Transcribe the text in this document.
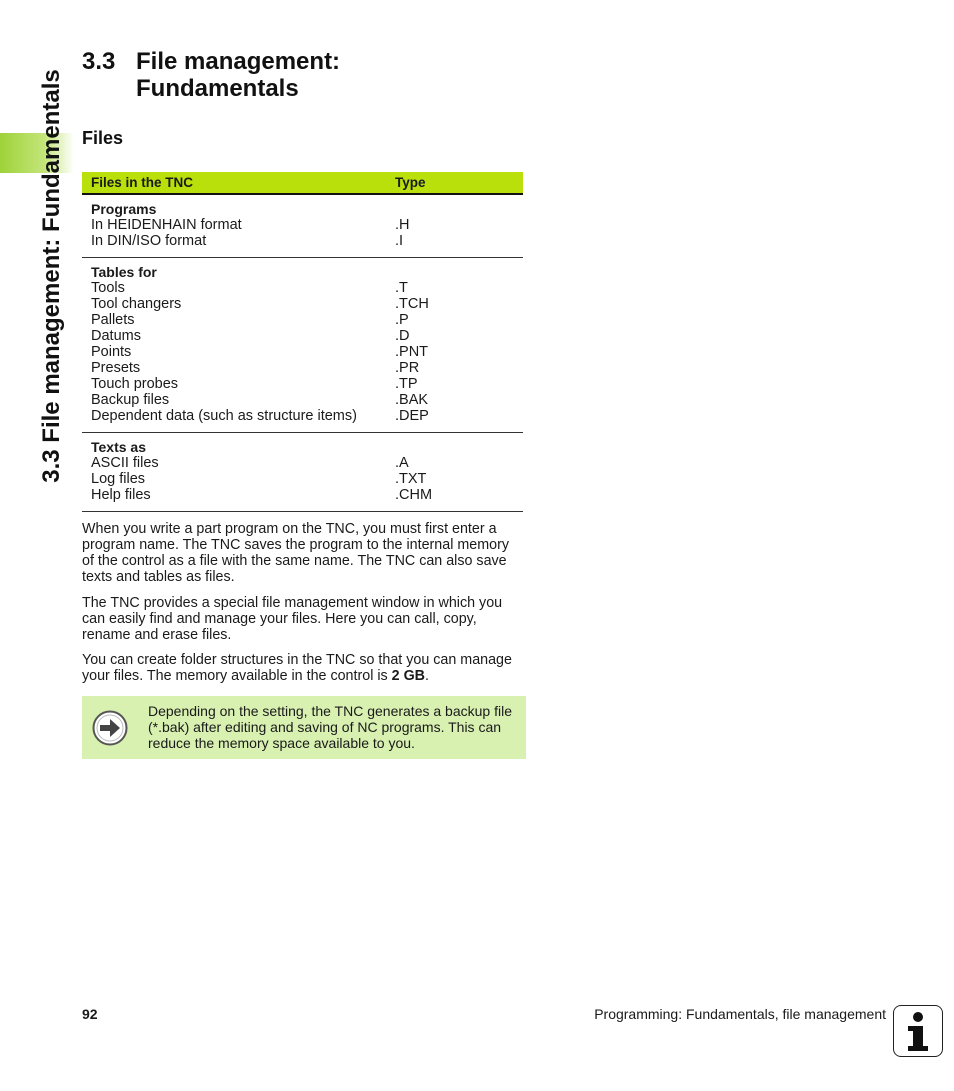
3.3 File management: Fundamentals
3.3 File management:
Fundamentals
Files
Files in the TNC	Type
Programs
In HEIDENHAIN format	.H
In DIN/ISO format	.I
Tables for
Tools	.T
Tool changers	.TCH
Pallets	.P
Datums	.D
Points	.PNT
Presets	.PR
Touch probes	.TP
Backup files	.BAK
Dependent data (such as structure items)	.DEP
Texts as
ASCII files	.A
Log files	.TXT
Help files	.CHM
When you write a part program on the TNC, you must first enter a program name. The TNC saves the program to the internal memory of the control as a file with the same name. The TNC can also save texts and tables as files.
The TNC provides a special file management window in which you can easily find and manage your files. Here you can call, copy, rename and erase files.
You can create folder structures in the TNC so that you can manage your files. The memory available in the control is 2 GB.
Depending on the setting, the TNC generates a backup file (*.bak) after editing and saving of NC programs. This can reduce the memory space available to you.
92	Programming: Fundamentals, file management
